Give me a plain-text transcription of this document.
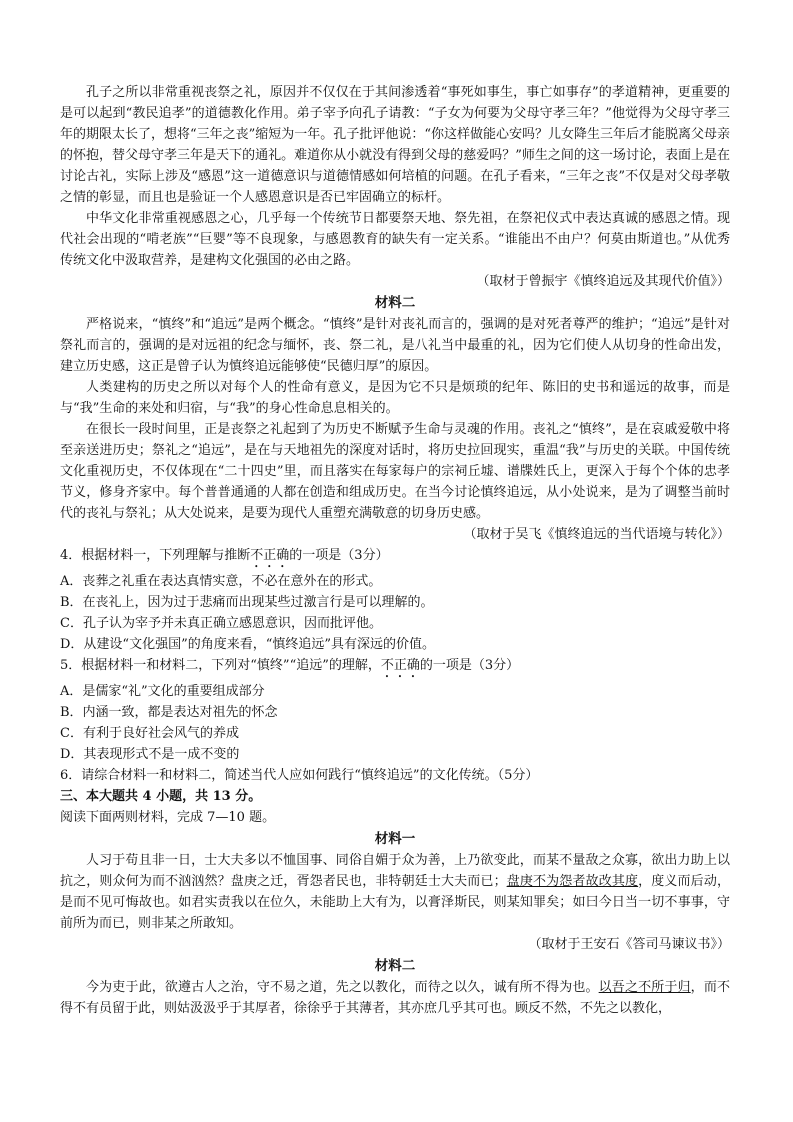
孔子之所以非常重视丧祭之礼，原因并不仅仅在于其间渗透着“事死如事生，事亡如事存”的孝道精神，更重要的是可以起到“教民追孝”的道德教化作用。弟子宰予向孔子请教：“子女为何要为父母守孝三年？”他觉得为父母守孝三年的期限太长了，想将“三年之丧”缩短为一年。孔子批评他说：“你这样做能心安吗？儿女降生三年后才能脱离父母亲的怀抱，替父母守孝三年是天下的通礼。难道你从小就没有得到父母的慈爱吗？”师生之间的这一场讨论，表面上是在讨论古礼，实际上涉及“感恩”这一道德意识与道德情感如何培植的问题。在孔子看来，“三年之丧”不仅是对父母孝敬之情的彰显，而且也是验证一个人感恩意识是否已牢固确立的标杆。

中华文化非常重视感恩之心，几乎每一个传统节日都要祭天地、祭先祖，在祭祀仪式中表达真诚的感恩之情。现代社会出现的“啃老族”“巨婴”等不良现象，与感恩教育的缺失有一定关系。“谁能出不由户？何莫由斯道也。”从优秀传统文化中汲取营养，是建构文化强国的必由之路。

（取材于曾振宇《慎终追远及其现代价值》）

材料二

严格说来，“慎终”和“追远”是两个概念。“慎终”是针对丧礼而言的，强调的是对死者尊严的维护；“追远”是针对祭礼而言的，强调的是对远祖的纪念与缅怀，丧、祭二礼，是八礼当中最重的礼，因为它们使人从切身的性命出发，建立历史感，这正是曾子认为慎终追远能够使“民德归厚”的原因。

人类建构的历史之所以对每个人的性命有意义，是因为它不只是烦琐的纪年、陈旧的史书和遥远的故事，而是与“我”生命的来处和归宿，与“我”的身心性命息息相关的。

在很长一段时间里，正是丧祭之礼起到了为历史不断赋予生命与灵魂的作用。丧礼之“慎终”，是在哀戚爱敬中将至亲送进历史；祭礼之“追远”，是在与天地祖先的深度对话时，将历史拉回现实，重温“我”与历史的关联。中国传统文化重视历史，不仅体现在“二十四史”里，而且落实在每家每户的宗祠丘墟、谱牒姓氏上，更深入于每个个体的忠孝节义，修身齐家中。每个普普通通的人都在创造和组成历史。在当今讨论慎终追远，从小处说来，是为了调整当前时代的丧礼与祭礼；从大处说来，是要为现代人重塑充满敬意的切身历史感。

（取材于吴飞《慎终追远的当代语境与转化》）

4．根据材料一，下列理解与推断不正确的一项是（3分）

A．丧葬之礼重在表达真情实意，不必在意外在的形式。

B．在丧礼上，因为过于悲痛而出现某些过激言行是可以理解的。

C．孔子认为宰予并未真正确立感恩意识，因而批评他。

D．从建设“文化强国”的角度来看，“慎终追远”具有深远的价值。

5．根据材料一和材料二，下列对“慎终”“追远”的理解，不正确的一项是（3分）

A．是儒家“礼”文化的重要组成部分

B．内涵一致，都是表达对祖先的怀念

C．有利于良好社会风气的养成

D．其表现形式不是一成不变的

6．请综合材料一和材料二，简述当代人应如何践行“慎终追远”的文化传统。（5分）

三、本大题共 4 小题，共 13 分。

阅读下面两则材料，完成 7—10 题。

材料一

人习于苟且非一日，士大夫多以不恤国事、同俗自媚于众为善，上乃欲变此，而某不量敌之众寡，欲出力助上以抗之，则众何为而不汹汹然？盘庚之迁，胥怨者民也，非特朝廷士大夫而已；盘庚不为怨者故改其度，度义而后动，是而不见可悔故也。如君实责我以在位久，未能助上大有为，以膏泽斯民，则某知罪矣；如曰今日当一切不事事，守前所为而已，则非某之所敢知。

（取材于王安石《答司马谏议书》）

材料二

今为吏于此，欲遵古人之治，守不易之道，先之以教化，而待之以久，诚有所不得为也。以吾之不所于归，而不得不有员留于此，则姑汲汲乎于其厚者，徐徐乎于其薄者，其亦庶几乎其可也。顾反不然，不先之以教化，
